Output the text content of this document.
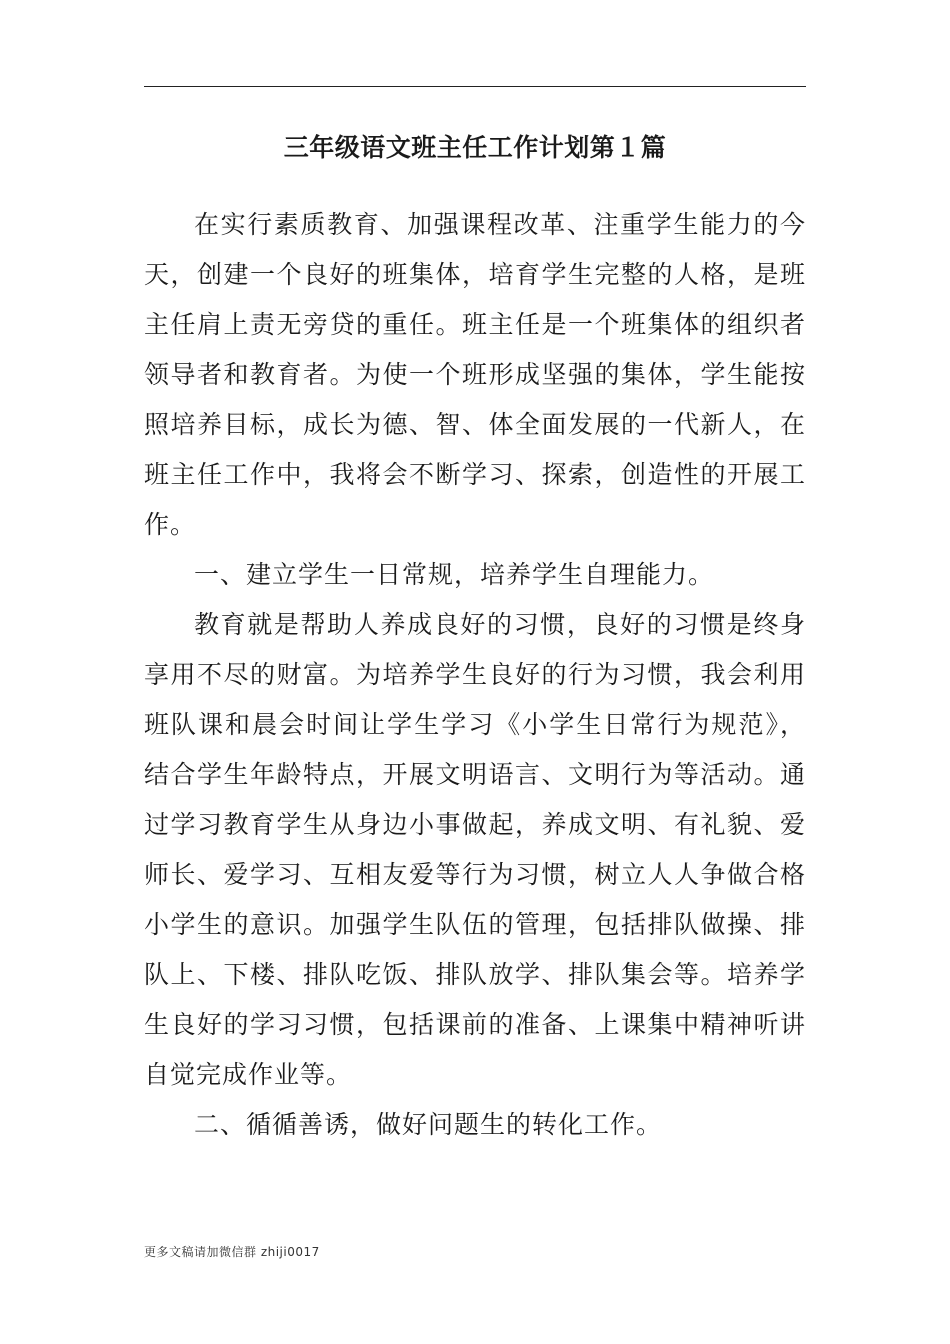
三年级语文班主任工作计划第１篇

在实行素质教育、加强课程改革、注重学生能力的今天，创建一个良好的班集体，培育学生完整的人格，是班主任肩上责无旁贷的重任。班主任是一个班集体的组织者领导者和教育者。为使一个班形成坚强的集体，学生能按照培养目标，成长为德、智、体全面发展的一代新人，在班主任工作中，我将会不断学习、探索，创造性的开展工作。

一、建立学生一日常规，培养学生自理能力。

教育就是帮助人养成良好的习惯，良好的习惯是终身享用不尽的财富。为培养学生良好的行为习惯，我会利用班队课和晨会时间让学生学习《小学生日常行为规范》，结合学生年龄特点，开展文明语言、文明行为等活动。通过学习教育学生从身边小事做起，养成文明、有礼貌、爱师长、爱学习、互相友爱等行为习惯，树立人人争做合格小学生的意识。加强学生队伍的管理，包括排队做操、排队上、下楼、排队吃饭、排队放学、排队集会等。培养学生良好的学习习惯，包括课前的准备、上课集中精神听讲自觉完成作业等。

二、循循善诱，做好问题生的转化工作。

更多文稿请加微信群 zhiji0017
